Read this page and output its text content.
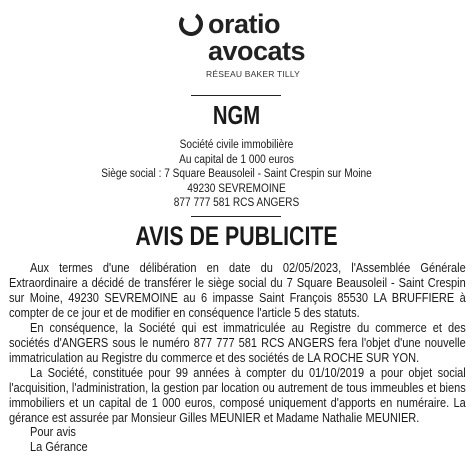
oratio
avocats
RÉSEAU BAKER TILLY
NGM
Société civile immobilière
Au capital de 1 000 euros
Siège social : 7 Square Beausoleil - Saint Crespin sur Moine
49230 SEVREMOINE
877 777 581 RCS ANGERS
AVIS DE PUBLICITE

Aux termes d'une délibération en date du 02/05/2023, l'Assemblée Générale Extraordinaire a décidé de transférer le siège social du 7 Square Beausoleil - Saint Crespin sur Moine, 49230 SEVREMOINE au 6 impasse Saint François 85530 LA BRUFFIERE à compter de ce jour et de modifier en conséquence l'article 5 des statuts.

En conséquence, la Société qui est immatriculée au Registre du commerce et des sociétés d'ANGERS sous le numéro 877 777 581 RCS ANGERS fera l'objet d'une nouvelle immatriculation au Registre du commerce et des sociétés de LA ROCHE SUR YON.

La Société, constituée pour 99 années à compter du 01/10/2019 a pour objet social l'acquisition, l'administration, la gestion par location ou autrement de tous immeubles et biens immobiliers et un capital de 1 000 euros, composé uniquement d'apports en numéraire. La gérance est assurée par Monsieur Gilles MEUNIER et Madame Nathalie MEUNIER.

Pour avis
La Gérance
